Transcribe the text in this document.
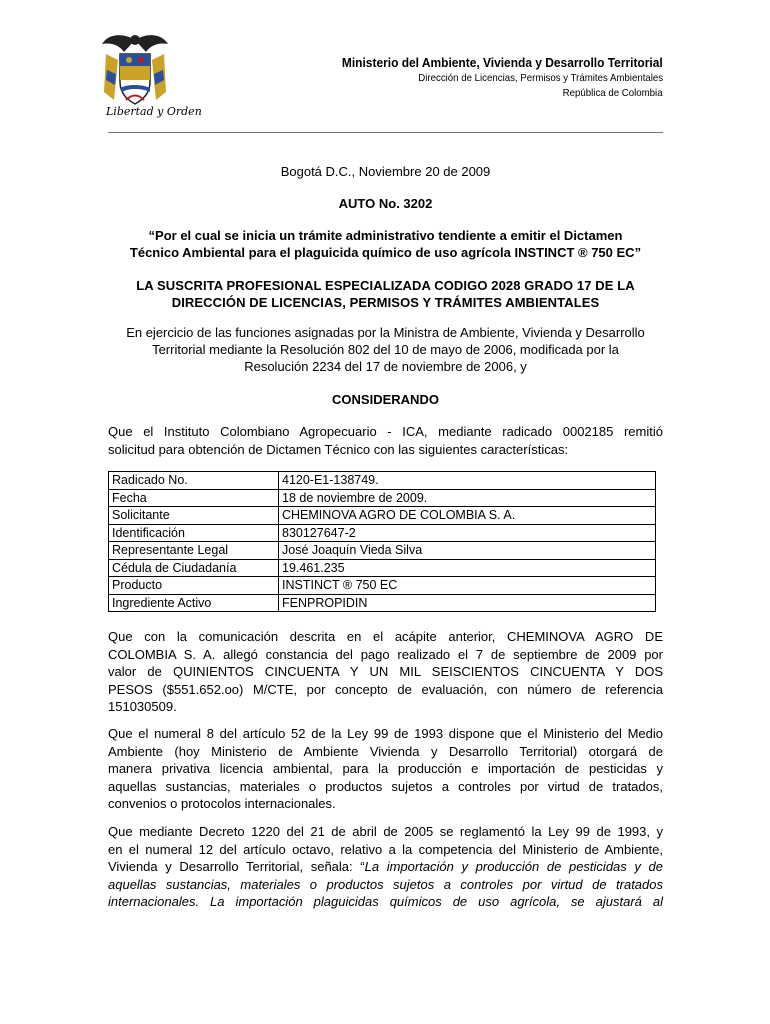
Libertad y Orden
Ministerio del Ambiente, Vivienda y Desarrollo Territorial
Dirección de Licencias, Permisos y Trámites Ambientales
República de Colombia
Bogotá D.C., Noviembre 20 de 2009
AUTO No. 3202
“Por el cual se inicia un trámite administrativo tendiente a emitir el Dictamen
Técnico Ambiental para el plaguicida químico de uso agrícola INSTINCT ® 750 EC”
LA SUSCRITA PROFESIONAL ESPECIALIZADA CODIGO 2028 GRADO 17 DE LA
DIRECCIÓN DE LICENCIAS, PERMISOS Y TRÁMITES AMBIENTALES
En ejercicio de las funciones asignadas por la Ministra de Ambiente, Vivienda y Desarrollo
Territorial mediante la Resolución 802 del 10 de mayo de 2006, modificada por la
Resolución 2234 del 17 de noviembre de 2006, y
CONSIDERANDO
Que el Instituto Colombiano Agropecuario - ICA, mediante radicado 0002185 remitió
solicitud para obtención de Dictamen Técnico con las siguientes características:
Radicado No.	4120-E1-138749.
Fecha	18 de noviembre de 2009.
Solicitante	CHEMINOVA AGRO DE COLOMBIA S. A.
Identificación	830127647-2
Representante Legal	José Joaquín Vieda Silva
Cédula de Ciudadanía	19.461.235
Producto	INSTINCT ® 750 EC
Ingrediente Activo	FENPROPIDIN
Que con la comunicación descrita en el acápite anterior, CHEMINOVA AGRO DE
COLOMBIA S. A. allegó constancia del pago realizado el 7 de septiembre de 2009 por
valor de QUINIENTOS CINCUENTA Y UN MIL SEISCIENTOS CINCUENTA Y DOS
PESOS ($551.652.oo) M/CTE, por concepto de evaluación, con número de referencia
151030509.
Que el numeral 8 del artículo 52 de la Ley 99 de 1993 dispone que el Ministerio del Medio
Ambiente (hoy Ministerio de Ambiente Vivienda y Desarrollo Territorial) otorgará de
manera privativa licencia ambiental, para la producción e importación de pesticidas y
aquellas sustancias, materiales o productos sujetos a controles por virtud de tratados,
convenios o protocolos internacionales.
Que mediante Decreto 1220 del 21 de abril de 2005 se reglamentó la Ley 99 de 1993, y
en el numeral 12 del artículo octavo, relativo a la competencia del Ministerio de Ambiente,
Vivienda y Desarrollo Territorial, señala: “La importación y producción de pesticidas y de
aquellas sustancias, materiales o productos sujetos a controles por virtud de tratados
internacionales. La importación plaguicidas químicos de uso agrícola, se ajustará al
